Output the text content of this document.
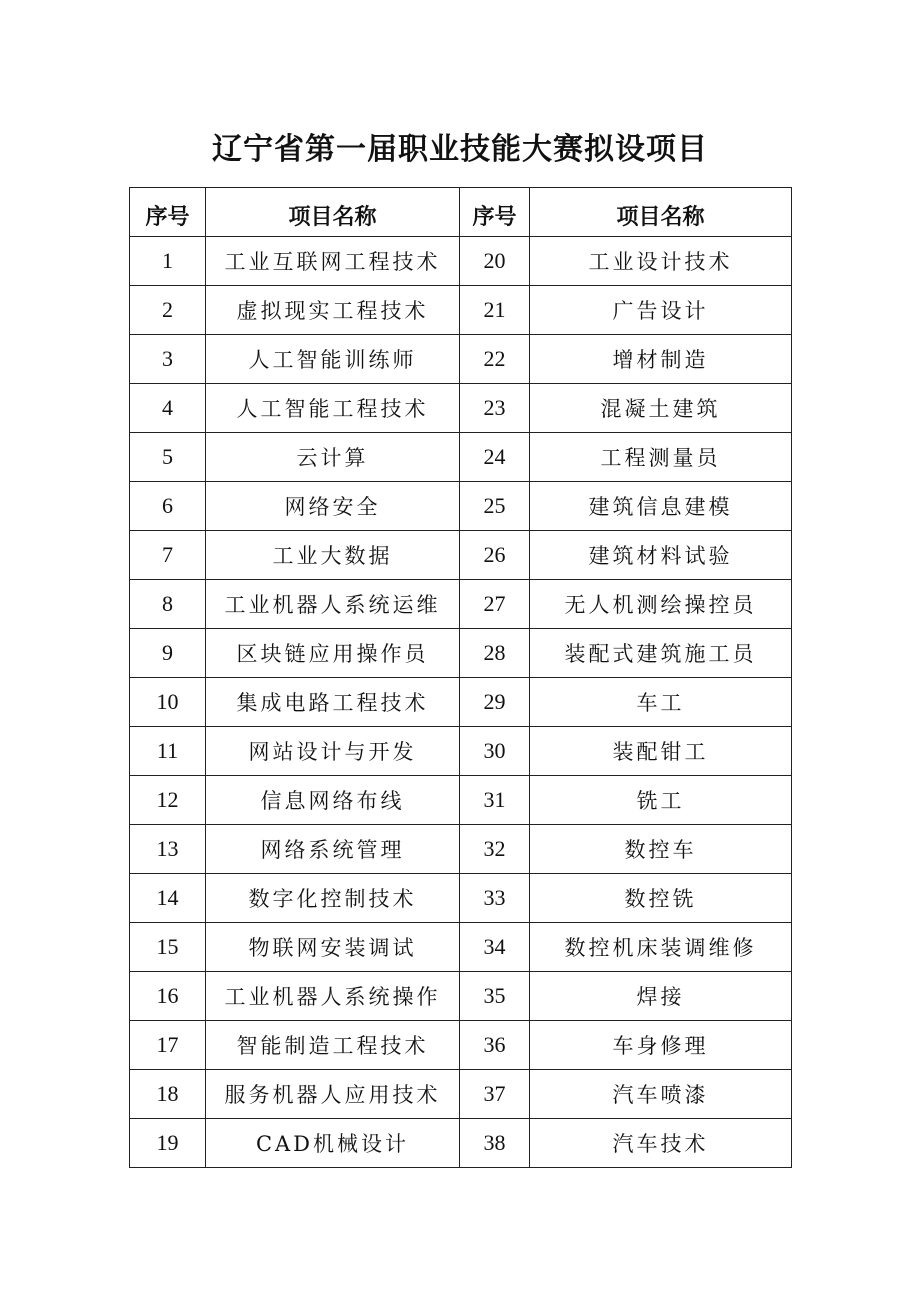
辽宁省第一届职业技能大赛拟设项目
序号	项目名称	序号	项目名称
1	工业互联网工程技术	20	工业设计技术
2	虚拟现实工程技术	21	广告设计
3	人工智能训练师	22	增材制造
4	人工智能工程技术	23	混凝土建筑
5	云计算	24	工程测量员
6	网络安全	25	建筑信息建模
7	工业大数据	26	建筑材料试验
8	工业机器人系统运维	27	无人机测绘操控员
9	区块链应用操作员	28	装配式建筑施工员
10	集成电路工程技术	29	车工
11	网站设计与开发	30	装配钳工
12	信息网络布线	31	铣工
13	网络系统管理	32	数控车
14	数字化控制技术	33	数控铣
15	物联网安装调试	34	数控机床装调维修
16	工业机器人系统操作	35	焊接
17	智能制造工程技术	36	车身修理
18	服务机器人应用技术	37	汽车喷漆
19	CAD机械设计	38	汽车技术
